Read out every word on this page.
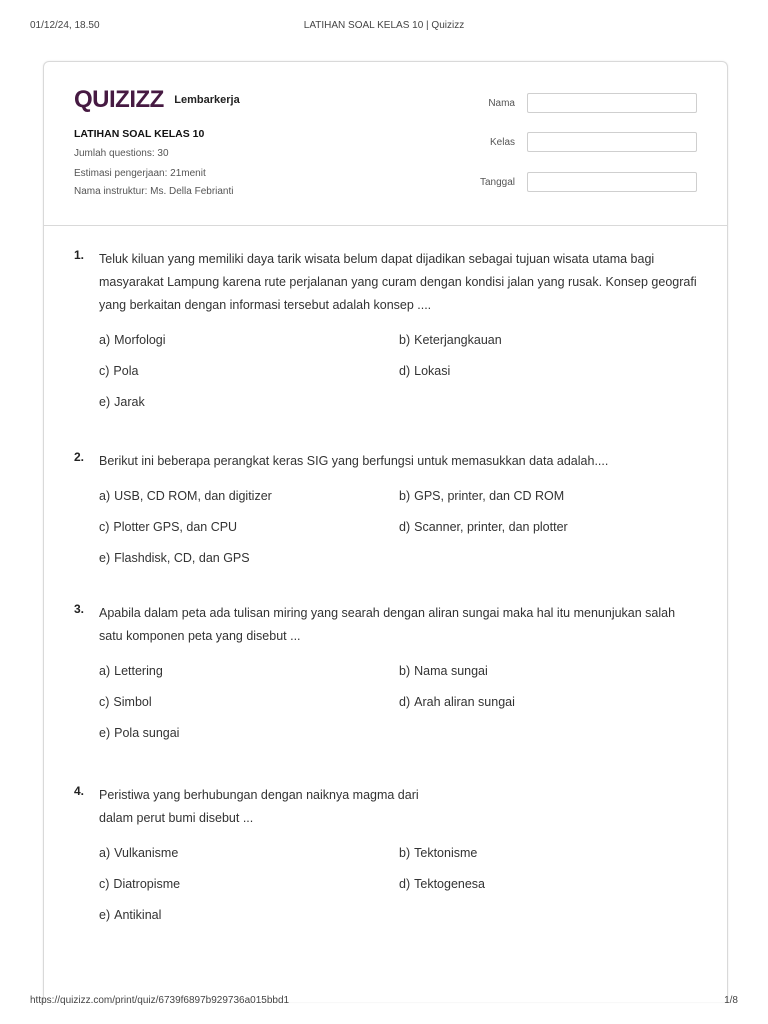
01/12/24, 18.50	LATIHAN SOAL KELAS 10 | Quizizz
QUIZIZZ Lembarkerja
LATIHAN SOAL KELAS 10
Jumlah questions: 30
Estimasi pengerjaan: 21menit
Nama instruktur: Ms. Della Febrianti
Nama
Kelas
Tanggal
1. Teluk kiluan yang memiliki daya tarik wisata belum dapat dijadikan sebagai tujuan wisata utama bagi masyarakat Lampung karena rute perjalanan yang curam dengan kondisi jalan yang rusak. Konsep geografi yang berkaitan dengan informasi tersebut adalah konsep ....
a) Morfologi	b) Keterjangkauan
c) Pola	d) Lokasi
e) Jarak
2. Berikut ini beberapa perangkat keras SIG yang berfungsi untuk memasukkan data adalah....
a) USB, CD ROM, dan digitizer	b) GPS, printer, dan CD ROM
c) Plotter GPS, dan CPU	d) Scanner, printer, dan plotter
e) Flashdisk, CD, dan GPS
3. Apabila dalam peta ada tulisan miring yang searah dengan aliran sungai maka hal itu menunjukan salah satu komponen peta yang disebut ...
a) Lettering	b) Nama sungai
c) Simbol	d) Arah aliran sungai
e) Pola sungai
4. Peristiwa yang berhubungan dengan naiknya magma dari
dalam perut bumi disebut ...
a) Vulkanisme	b) Tektonisme
c) Diatropisme	d) Tektogenesa
e) Antikinal
https://quizizz.com/print/quiz/6739f6897b929736a015bbd1	1/8
